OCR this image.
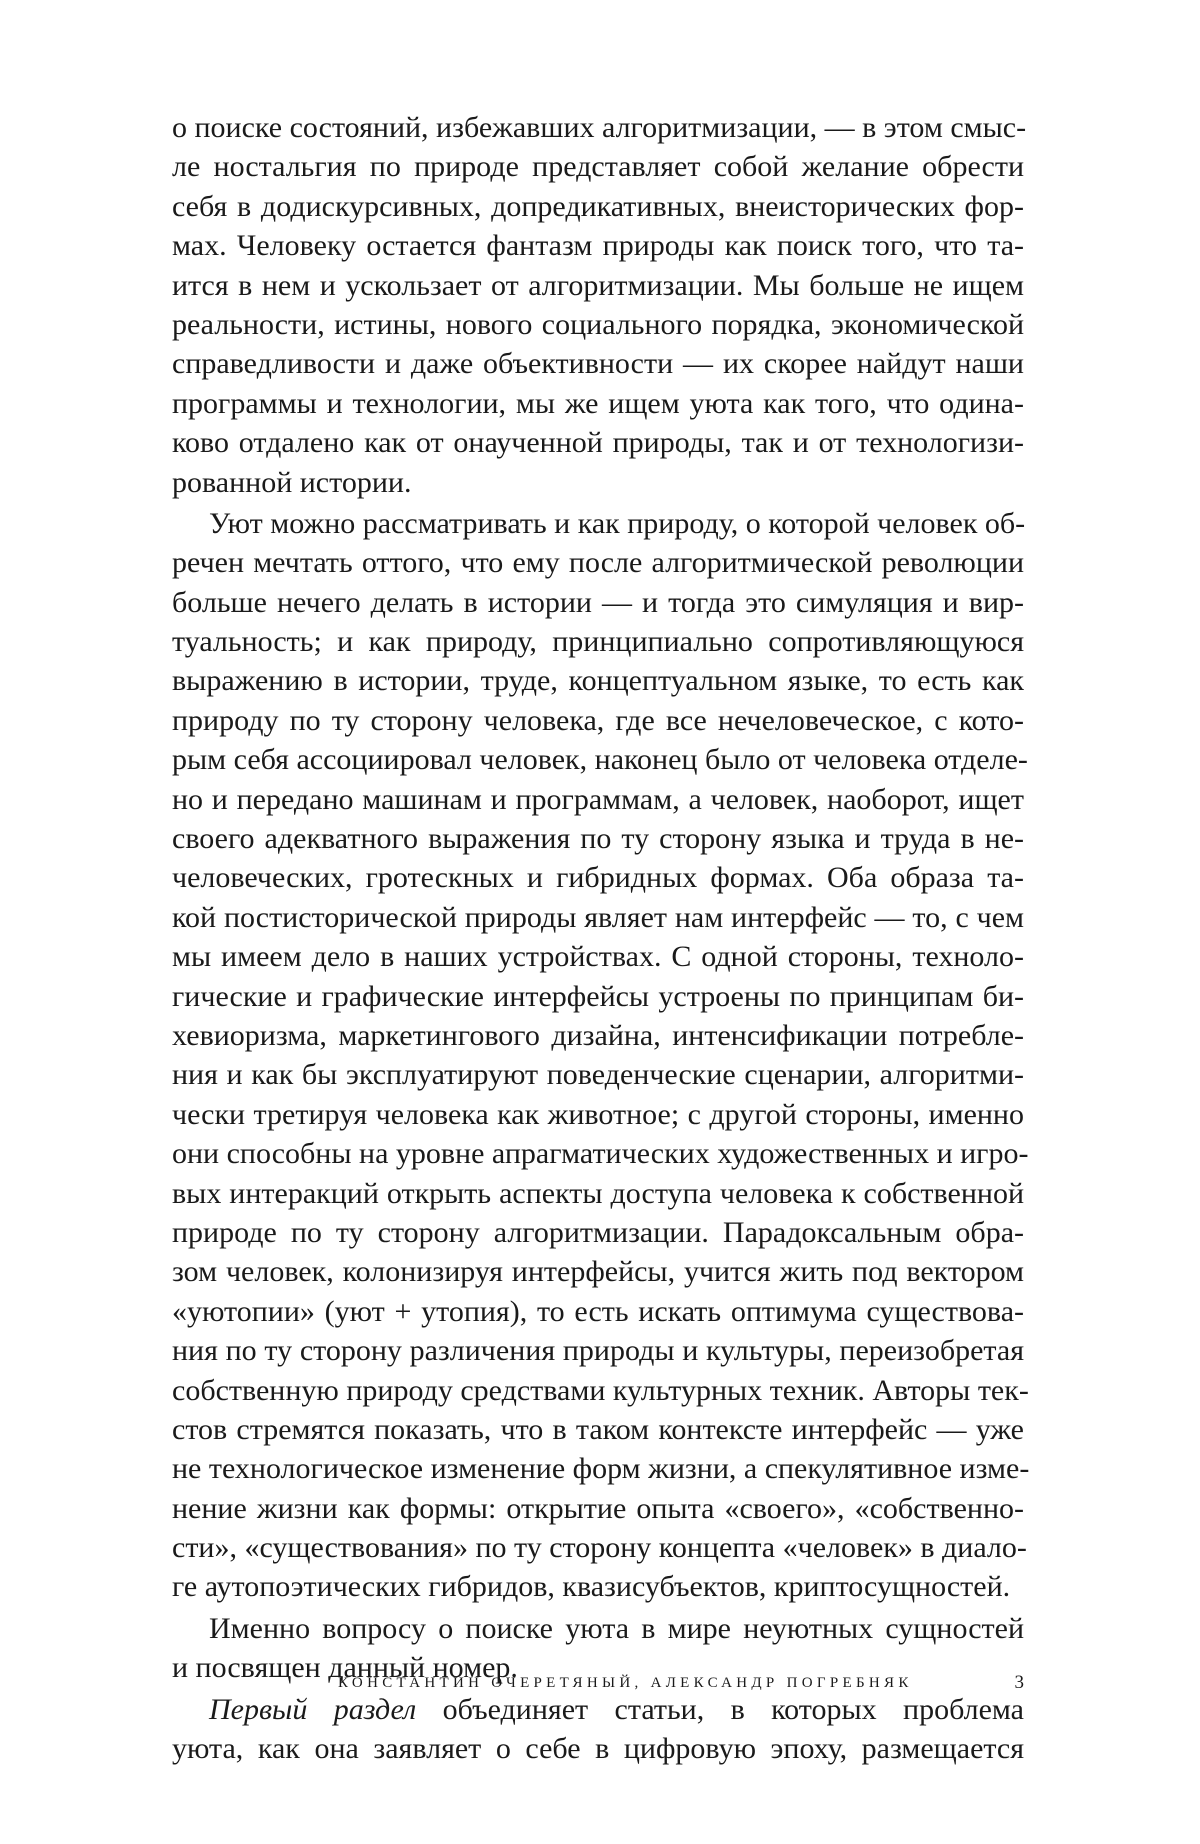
о поиске состояний, избежавших алгоритмизации, — в этом смыс-
ле ностальгия по природе представляет собой желание обрести
себя в додискурсивных, допредикативных, внеисторических фор-
мах. Человеку остается фантазм природы как поиск того, что та-
ится в нем и ускользает от алгоритмизации. Мы больше не ищем
реальности, истины, нового социального порядка, экономической
справедливости и даже объективности — их скорее найдут наши
программы и технологии, мы же ищем уюта как того, что одина-
ково отдалено как от онаученной природы, так и от технологизи-
рованной истории.
Уют можно рассматривать и как природу, о которой человек об-
речен мечтать оттого, что ему после алгоритмической революции
больше нечего делать в истории — и тогда это симуляция и вир-
туальность; и как природу, принципиально сопротивляющуюся
выражению в истории, труде, концептуальном языке, то есть как
природу по ту сторону человека, где все нечеловеческое, с кото-
рым себя ассоциировал человек, наконец было от человека отделе-
но и передано машинам и программам, а человек, наоборот, ищет
своего адекватного выражения по ту сторону языка и труда в не-
человеческих, гротескных и гибридных формах. Оба образа та-
кой постисторической природы являет нам интерфейс — то, с чем
мы имеем дело в наших устройствах. С одной стороны, техноло-
гические и графические интерфейсы устроены по принципам би-
хевиоризма, маркетингового дизайна, интенсификации потребле-
ния и как бы эксплуатируют поведенческие сценарии, алгоритми-
чески третируя человека как животное; с другой стороны, именно
они способны на уровне апрагматических художественных и игро-
вых интеракций открыть аспекты доступа человека к собственной
природе по ту сторону алгоритмизации. Парадоксальным обра-
зом человек, колонизируя интерфейсы, учится жить под вектором
«уютопии» (уют + утопия), то есть искать оптимума существова-
ния по ту сторону различения природы и культуры, переизобретая
собственную природу средствами культурных техник. Авторы тек-
стов стремятся показать, что в таком контексте интерфейс — уже
не технологическое изменение форм жизни, а спекулятивное изме-
нение жизни как формы: открытие опыта «своего», «собственно-
сти», «существования» по ту сторону концепта «человек» в диало-
ге аутопоэтических гибридов, квазисубъектов, криптосущностей.
Именно вопросу о поиске уюта в мире неуютных сущностей
и посвящен данный номер.
Первый раздел объединяет статьи, в которых проблема
уюта, как она заявляет о себе в цифровую эпоху, размещается
КОНСТАНТИН ОЧЕРЕТЯНЫЙ, АЛЕКСАНДР ПОГРЕБНЯК	3
